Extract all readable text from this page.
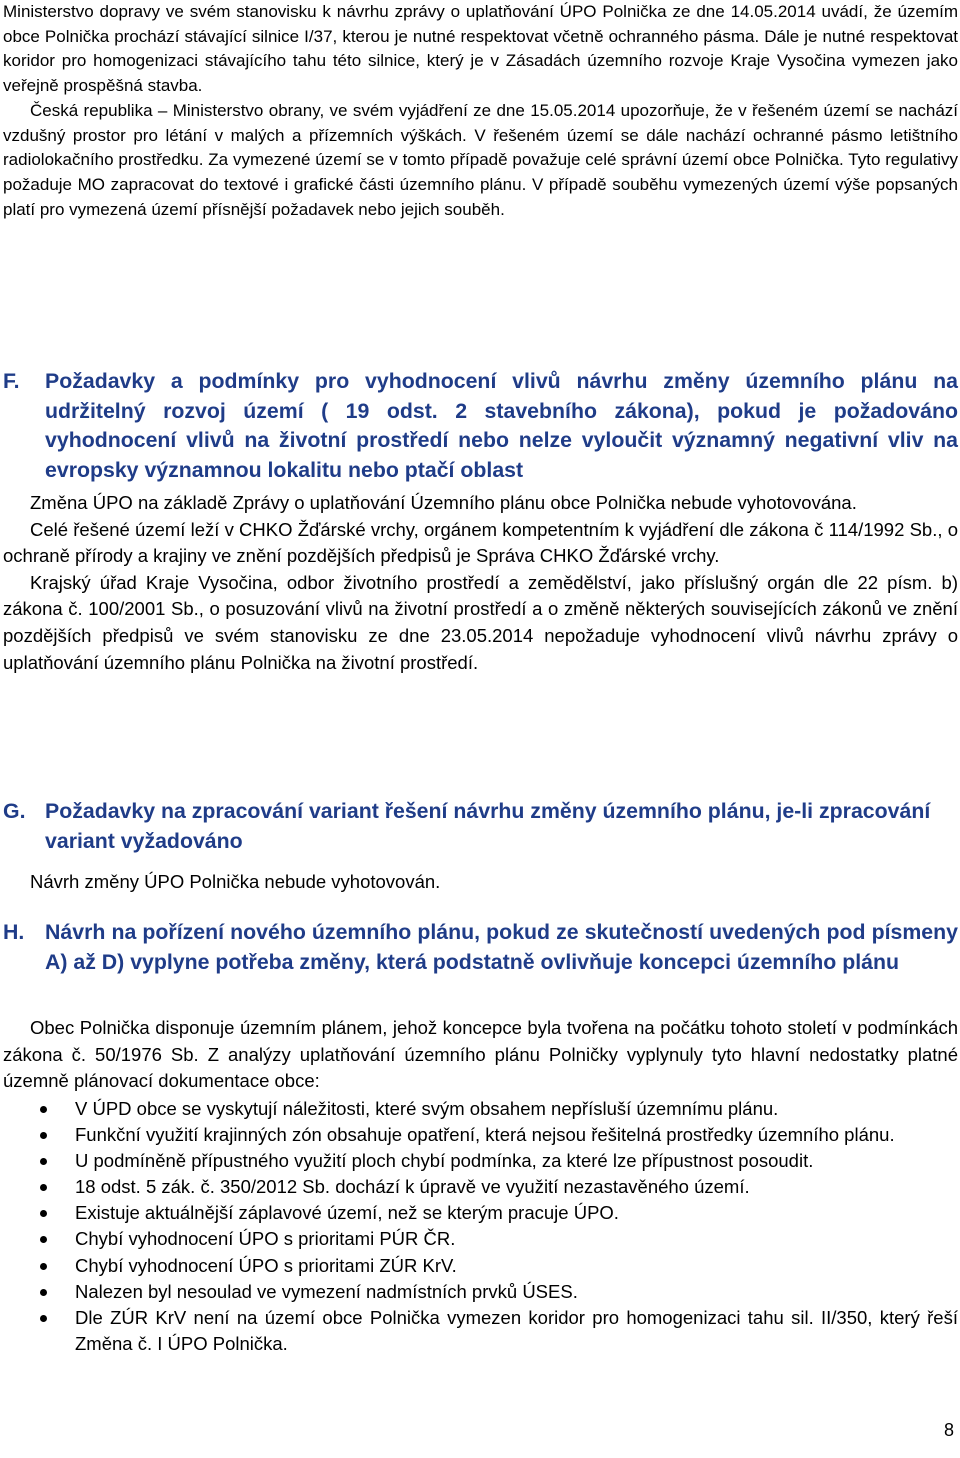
Ministerstvo dopravy ve svém stanovisku k návrhu zprávy o uplatňování ÚPO Polnička ze dne 14.05.2014 uvádí, že územím obce Polnička prochází stávající silnice I/37, kterou je nutné respektovat včetně ochranného pásma. Dále je nutné respektovat koridor pro homogenizaci stávajícího tahu této silnice, který je v Zásadách územního rozvoje Kraje Vysočina vymezen jako veřejně prospěšná stavba.

Česká republika – Ministerstvo obrany, ve svém vyjádření ze dne 15.05.2014 upozorňuje, že v řešeném území se nachází vzdušný prostor pro létání v malých a přízemních výškách. V řešeném území se dále nachází ochranné pásmo letištního radiolokačního prostředku. Za vymezené území se v tomto případě považuje celé správní území obce Polnička. Tyto regulativy požaduje MO zapracovat do textové i grafické části územního plánu. V případě souběhu vymezených území výše popsaných platí pro vymezená území přísnější požadavek nebo jejich souběh.

F. Požadavky a podmínky pro vyhodnocení vlivů návrhu změny územního plánu na udržitelný rozvoj území ( 19 odst. 2 stavebního zákona), pokud je požadováno vyhodnocení vlivů na životní prostředí nebo nelze vyloučit významný negativní vliv na evropsky významnou lokalitu nebo ptačí oblast

Změna ÚPO na základě Zprávy o uplatňování Územního plánu obce Polnička nebude vyhotovována.

Celé řešené území leží v CHKO Žďárské vrchy, orgánem kompetentním k vyjádření dle zákona č 114/1992 Sb., o ochraně přírody a krajiny ve znění pozdějších předpisů je Správa CHKO Žďárské vrchy.

Krajský úřad Kraje Vysočina, odbor životního prostředí a zemědělství, jako příslušný orgán dle 22 písm. b) zákona č. 100/2001 Sb., o posuzování vlivů na životní prostředí a o změně některých souvisejících zákonů ve znění pozdějších předpisů ve svém stanovisku ze dne 23.05.2014 nepožaduje vyhodnocení vlivů návrhu zprávy o uplatňování územního plánu Polnička na životní prostředí.

G. Požadavky na zpracování variant řešení návrhu změny územního plánu, je-li zpracování variant vyžadováno

Návrh změny ÚPO Polnička nebude vyhotovován.

H. Návrh na pořízení nového územního plánu, pokud ze skutečností uvedených pod písmeny A) až D) vyplyne potřeba změny, která podstatně ovlivňuje koncepci územního plánu

Obec Polnička disponuje územním plánem, jehož koncepce byla tvořena na počátku tohoto století v podmínkách zákona č. 50/1976 Sb. Z analýzy uplatňování územního plánu Polničky vyplynuly tyto hlavní nedostatky platné územně plánovací dokumentace obce:

V ÚPD obce se vyskytují náležitosti, které svým obsahem nepřísluší územnímu plánu.
Funkční využití krajinných zón obsahuje opatření, která nejsou řešitelná prostředky územního plánu.
U podmíněně přípustného využití ploch chybí podmínka, za které lze přípustnost posoudit.
18 odst. 5 zák. č. 350/2012 Sb. dochází k úpravě ve využití nezastavěného území.
Existuje aktuálnější záplavové území, než se kterým pracuje ÚPO.
Chybí vyhodnocení ÚPO s prioritami PÚR ČR.
Chybí vyhodnocení ÚPO s prioritami ZÚR KrV.
Nalezen byl nesoulad ve vymezení nadmístních prvků ÚSES.
Dle ZÚR KrV není na území obce Polnička vymezen koridor pro homogenizaci tahu sil. II/350, který řeší Změna č. I ÚPO Polnička.
8
